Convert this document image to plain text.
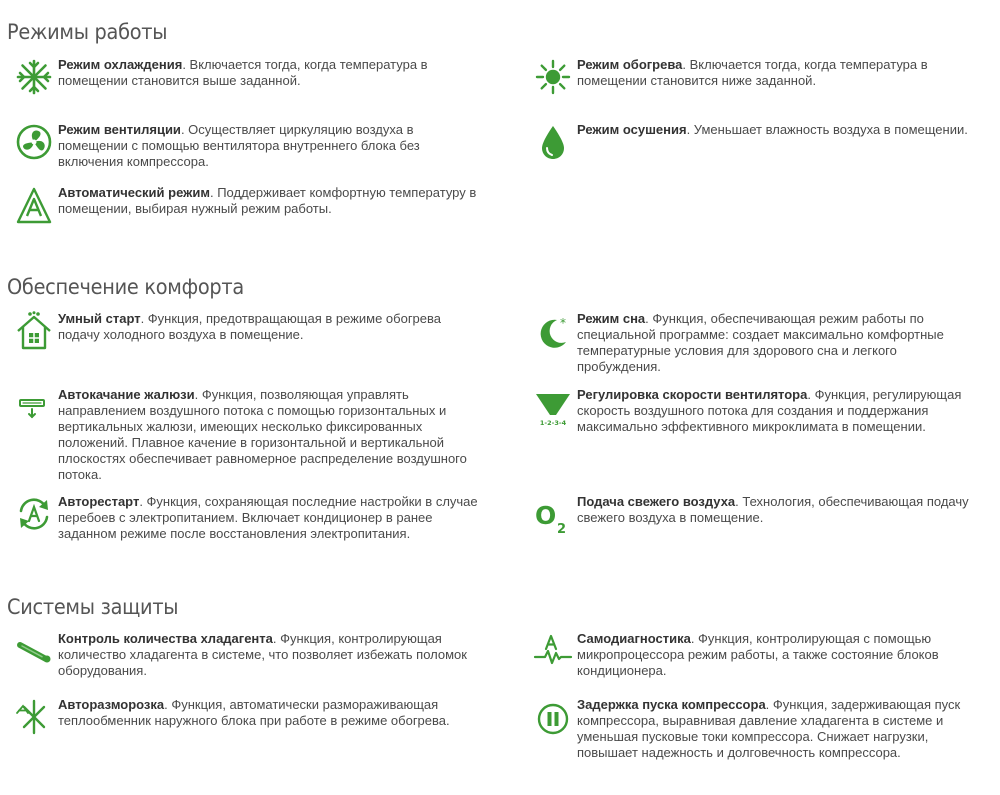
Режимы работы
Обеспечение комфорта
Системы защиты
Режим охлаждения. Включается тогда, когда температура в помещении становится выше заданной.
Режим обогрева. Включается тогда, когда температура в помещении становится ниже заданной.
Режим вентиляции. Осуществляет циркуляцию воздуха в помещении с помощью вентилятора внутреннего блока без включения компрессора.
Режим осушения. Уменьшает влажность воздуха в помещении.
Автоматический режим. Поддерживает комфортную температуру в помещении, выбирая нужный режим работы.
Умный старт. Функция, предотвращающая в режиме обогрева подачу холодного воздуха в помещение.
* Режим сна. Функция, обеспечивающая режим работы по специальной программе: создает максимально комфортные температурные условия для здорового сна и легкого пробуждения.
Автокачание жалюзи. Функция, позволяющая управлять направлением воздушного потока с помощью горизонтальных и вертикальных жалюзи, имеющих несколько фиксированных положений. Плавное качение в горизонтальной и вертикальной плоскостях обеспечивает равномерное распределение воздушного потока.
1-2-3-4
Регулировка скорости вентилятора. Функция, регулирующая скорость воздушного потока для создания и поддержания максимально эффективного микроклимата в помещении.
Авторестарт. Функция, сохраняющая последние настройки в случае перебоев с электропитанием. Включает кондиционер в ранее заданном режиме после восстановления электропитания.
O 2
Подача свежего воздуха. Технология, обеспечивающая подачу свежего воздуха в помещение.
Контроль количества хладагента. Функция, контролирующая количество хладагента в системе, что позволяет избежать поломок оборудования.
Самодиагностика. Функция, контролирующая с помощью микропроцессора режим работы, а также состояние блоков кондиционера.
Авторазморозка. Функция, автоматически размораживающая теплообменник наружного блока при работе в режиме обогрева.
Задержка пуска компрессора. Функция, задерживающая пуск компрессора, выравнивая давление хладагента в системе и уменьшая пусковые токи компрессора. Снижает нагрузки, повышает надежность и долговечность компрессора.
